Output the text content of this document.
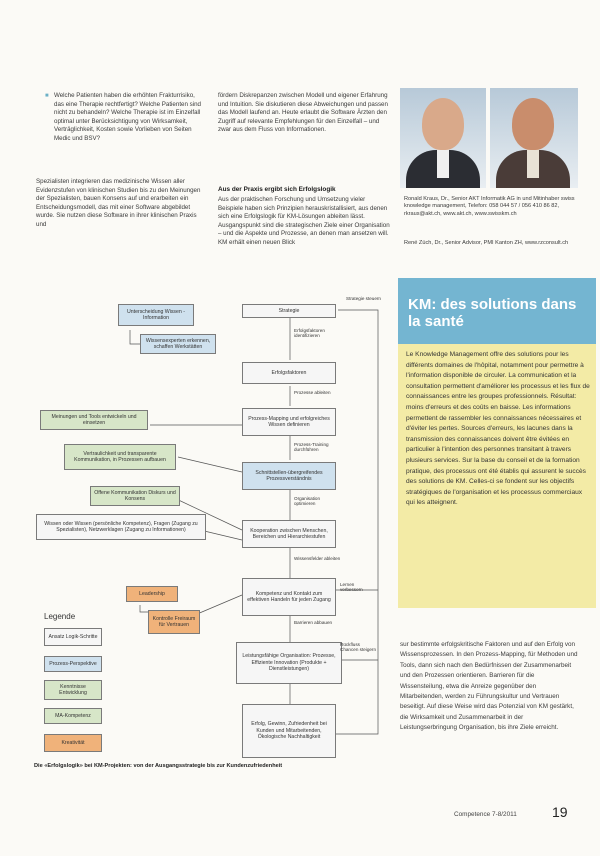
■ Welche Patienten haben die erhöhten Frakturrisiko, das eine Therapie rechtfertigt? Welche Patienten sind nicht zu behandeln? Welche Therapie ist im Einzelfall optimal unter Berücksichtigung von Wirksamkeit, Verträglichkeit, Kosten sowie Vorlieben von Seiten Medic und BSV?
Spezialisten integrieren das medizinische Wissen aller Evidenzstufen von klinischen Studien bis zu den Meinungen der Spezialisten, bauen Konsens auf und erarbeiten ein Entscheidungsmodell, das mit einer Software abgebildet wurde. Sie nutzen diese Software in ihrer klinischen Praxis und
fördern Diskrepanzen zwischen Modell und eigener Erfahrung und Intuition. Sie diskutieren diese Abweichungen und passen das Modell laufend an. Heute erlaubt die Software Ärzten den Zugriff auf relevante Empfehlungen für den Einzelfall – und zwar aus dem Fluss von Informationen.
Aus der Praxis ergibt sich Erfolgslogik
Aus der praktischen Forschung und Umsetzung vieler Beispiele haben sich Prinzipien herauskristallisiert, aus denen sich eine Erfolgslogik für KM-Lösungen ableiten lässt. Ausgangspunkt sind die strategischen Ziele einer Organisation – und die Aspekte und Prozesse, an denen man ansetzen will. KM erhält einen neuen Blick
Ronald Kraus, Dr., Senior AKT Informatik AG in und Mitinhaber swiss knowledge management, Telefon: 058 044 57 / 056 410 86 82, rkraus@akt.ch, www.akt.ch, www.swisskm.ch
René Züch, Dr., Senior Advisor, PMI Kanton ZH, www.rzconsult.ch
KM: des solutions dans la santé
Le Knowledge Management offre des solutions pour les différents domaines de l'hôpital, notamment pour permettre à l'information disponible de circuler. La communication et la consultation permettent d'améliorer les processus et les flux de connaissances entre les groupes professionnels. Résultat: moins d'erreurs et des coûts en baisse. Les informations permettent de rassembler les connaissances nécessaires et d'éviter les pertes. Sources d'erreurs, les lacunes dans la transmission des connaissances doivent être évitées en particulier à l'intention des personnes transitant à travers plusieurs services. Sur la base du conseil et de la formation pratique, des processus ont été établis qui assurent le succès des solutions de KM. Celles-ci se fondent sur les objectifs stratégiques de l'organisation et les processus commerciaux qui les atteignent.
sur bestimmte erfolgskritische Faktoren und auf den Erfolg von Wissensprozessen. In den Prozess-Mapping, für Methoden und Tools, dann sich nach den Bedürfnissen der Zusammenarbeit und den Prozessen orientieren. Barrieren für die Wissensteilung, etwa die Anreize gegenüber den Mitarbeitenden, werden zu Führungskultur und Vertrauen beseitigt. Auf diese Weise wird das Potenzial von KM gestärkt, die Wirksamkeit und Zusammenarbeit in der Leistungserbringung Organisation, bis ihre Ziele erreicht.
Unterscheidung Wissen - Information
Wissensexperten erkennen, schaffen Werkstätten
Meinungen und Tools entwickeln und einsetzen
Vertraulichkeit und transparente Kommunikation, in Prozessen aufbauen
Offene Kommunikation Diskurs und Konsens
Wissen oder Wissen (persönliche Kompetenz), Fragen (Zugang zu Spezialisten), Netzwerklagen (Zugang zu Informationen)
Leadership
Kontrolle Freiraum für Vertrauen
Strategie
Erfolgsfaktoren
Prozess-Mapping und erfolgreiches Wissen definieren
Schnittstellen-übergreifendes Prozessverständnis
Kooperation zwischen Menschen, Bereichen und Hierarchiestufen
Kompetenz und Kontakt zum effektiven Handeln für jeden Zugang
Leistungsfähige Organisation: Prozesse, Effiziente Innovation (Produkte + Dienstleistungen)
Erfolg, Gewinn, Zufriedenheit bei Kunden und Mitarbeitenden, Ökologische Nachhaltigkeit
Erfolgsfaktoren identifizieren
Prozesse ableiten
Prozess-Training durchführen
Organisation optimieren
Wissensfelder ableiten
Barrieren abbauen
Strategie steuern
Lernen verbessern
Rückfluss Chancen steigern
Legende
Ansatz Logik-Schritte
Prozess-Perspektive
Kenntnisse Entwicklung
MA-Kompetenz
Kreativität
Die «Erfolgslogik» bei KM-Projekten: von der Ausgangsstrategie bis zur Kundenzufriedenheit
Competence 7-8/2011	19
